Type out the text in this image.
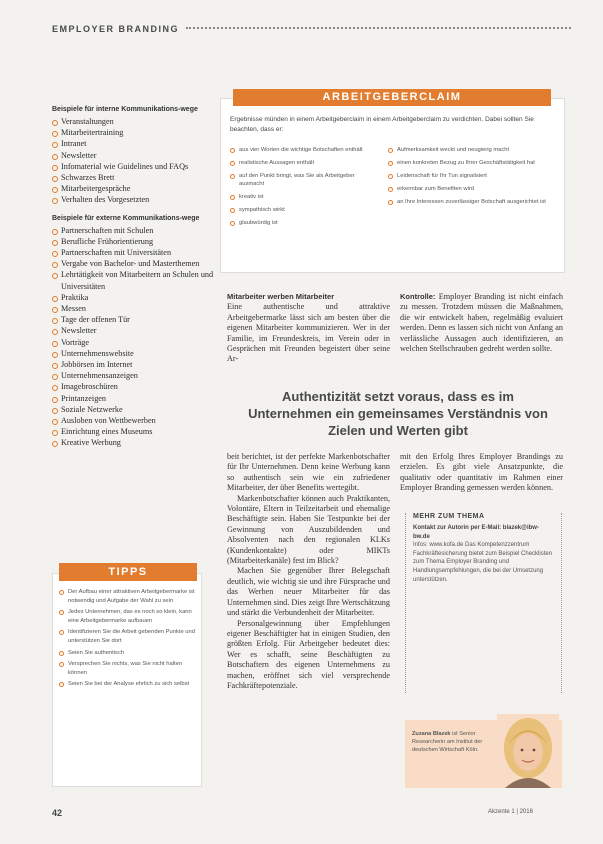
EMPLOYER BRANDING
Beispiele für interne Kommunikations-wege
Veranstaltungen
Mitarbeitertraining
Intranet
Newsletter
Infomaterial wie Guidelines und FAQs
Schwarzes Brett
Mitarbeitergespräche
Verhalten des Vorgesetzten
Beispiele für externe Kommunikations-wege
Partnerschaften mit Schulen
Berufliche Frühorientierung
Partnerschaften mit Universitäten
Vergabe von Bachelor- und Masterthemen
Lehrtätigkeit von Mitarbeitern an Schulen und Universitäten
Praktika
Messen
Tage der offenen Tür
Newsletter
Vorträge
Unternehmenswebsite
Jobbörsen im Internet
Unternehmensanzeigen
Imagebroschüren
Printanzeigen
Soziale Netzwerke
Ausloben von Wettbewerben
Einrichtung eines Museums
Kreative Werbung
ARBEITGEBERCLAIM
Ergebnisse münden in einem Arbeitgeberclaim in einem Arbeitgeberclaim zu verdichten. Dabei sollten Sie beachten, dass er:
aus vier Worten die wichtige Botschaften enthält
realistische Aussagen enthält
auf den Punkt bringt, was Sie als Arbeitgeber ausmacht
kreativ ist
sympathisch wirkt
glaubwürdig ist
Aufmerksamkeit weckt und neugierig macht
einen konkreten Bezug zu Ihrer Geschäftstätigkeit hat
Leidenschaft für Ihr Tun signalisiert
erkennbar zum Benefiten wird
an Ihre Interessen zuverlässiger Botschaft ausgerichtet ist

Mitarbeiter werben Mitarbeiter

Eine authentische und attraktive Arbeitgebermarke lässt sich am besten über die eigenen Mitarbeiter kommunizieren. Wer in der Familie, im Freundeskreis, im Verein oder in Gesprächen mit Freunden begeistert über seine Ar-

Kontrolle: Employer Branding ist nicht einfach zu messen. Trotzdem müssen die Maßnahmen, die wir entwickelt haben, regelmäßig evaluiert werden. Denn es lassen sich nicht von Anfang an verlässliche Aussagen auch identifizieren, an welchen Stellschrauben gedreht werden sollte.

Authentizität setzt voraus, dass es im Unternehmen ein gemeinsames Verständnis von Zielen und Werten gibt

beit berichtet, ist der perfekte Markenbotschafter für Ihr Unternehmen. Denn keine Werbung kann so authentisch sein wie ein zufriedener Mitarbeiter, der über Benefits wertegibt.

Markenbotschafter können auch Praktikanten, Volontäre, Eltern in Teilzeitarbeit und ehemalige Beschäftigte sein. Haben Sie Testpunkte bei der Gewinnung von Auszubildenden und Absolventen nach den regionalen KLKs (Kundenkontakte) oder MIKTs (Mitarbeiterkanäle) fest im Blick?

Machen Sie gegenüber Ihrer Belegschaft deutlich, wie wichtig sie und ihre Fürsprache und das Werben neuer Mitarbeiter für das Unternehmen sind. Dies zeigt Ihre Wertschätzung und stärkt die Verbundenheit der Mitarbeiter.

Personalgewinnung über Empfehlungen eigener Beschäftigter hat in einigen Studien, den größten Erfolg. Für Arbeitgeber bedeutet dies: Wer es schafft, seine Beschäftigten zu Botschaftern des eigenen Unternehmens zu machen, eröffnet sich viel versprechende Fachkräftepotenziale.

mit den Erfolg Ihres Employer Brandings zu erzielen. Es gibt viele Ansatzpunkte, die qualitativ oder quantitativ im Rahmen einer Employer Branding gemessen werden können.

TIPPS
Der Aufbau einer attraktiven Arbeitgebermarke ist notwendig und Aufgabe der Wahl zu sein
Jedes Unternehmen, das es noch so klein, kann eine Arbeitgebermarke aufbauen
Identifizieren Sie die Arbeit gebenden Punkte und unterstützen Sie dort
Seien Sie authentisch
Versprechen Sie nichts, was Sie nicht halten können
Seien Sie bei der Analyse ehrlich zu sich selbst
MEHR ZUM THEMA
Kontakt zur Autorin per E-Mail: blazek@ibw-bw.de
Infos: www.kofa.de Das Kompetenzzentrum Fachkräftesicherung bietet zum Beispiel Checklisten zum Thema Employer Branding und Handlungsempfehlungen, die bei der Umsetzung unterstützen.
Zuzana Blazek ist Senior Researcherin am Institut der deutschen Wirtschaft Köln.
42	Akzente 1 | 2016
